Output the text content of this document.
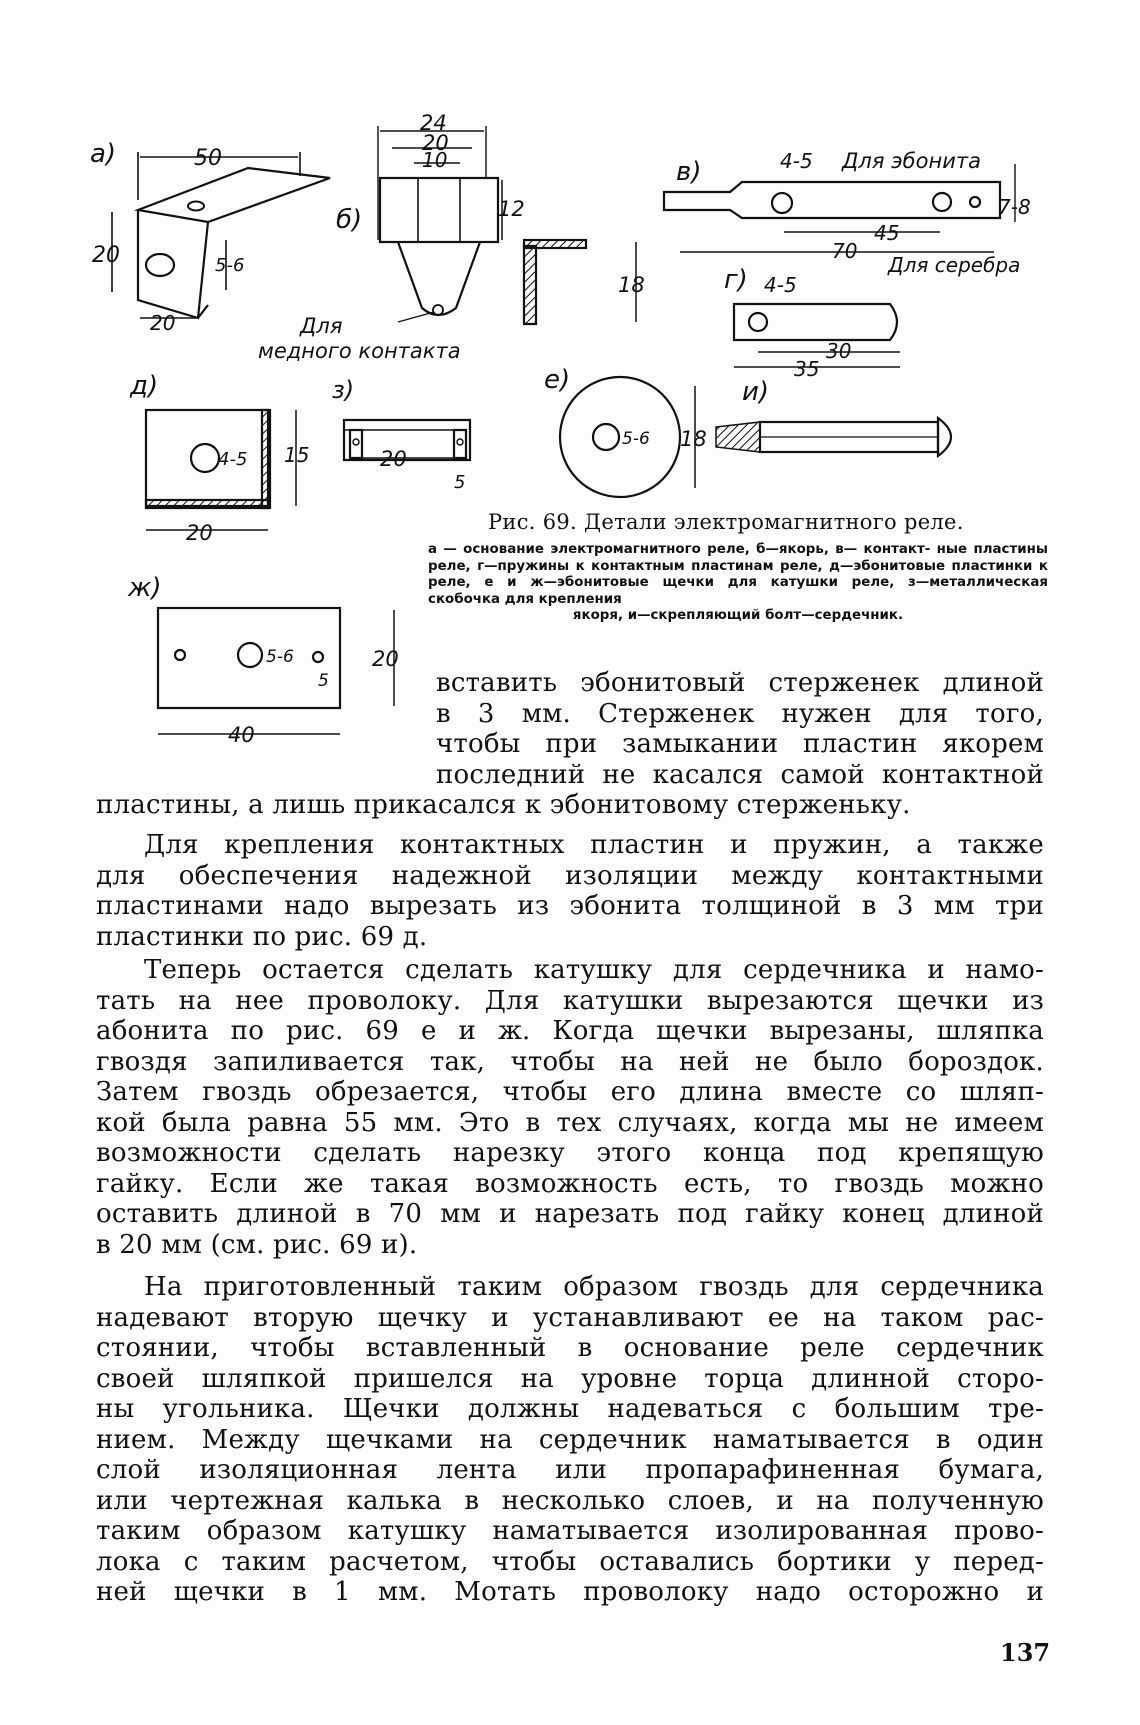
а)	50
20	5-6
20
б)
24
20
10
12
18
Для
медного контакта
в)	4-5 Для эбонита
7-8
45
70
Для серебра
г) 4-5
30
35
д)
4-5 15
20
з)
20
5
е)
5-6 18
и)
ж)
5-6
5
20
40
Рис. 69. Детали электромагнитного реле.
а — основание электромагнитного реле, б—якорь, в— контакт- ные пластины реле, г—пружины к контактным пластинам реле, д—эбонитовые пластинки к реле, е и ж—эбонитовые щечки для катушки реле, з—металлическая скобочка для крепления
якоря, и—скрепляющий болт—сердечник.
вставить эбонитовый стерженек длиной
в 3 мм. Стерженек нужен для того,
чтобы при замыкании пластин якорем
последний не касался самой контактной
пластины, а лишь прикасался к эбонитовому стерженьку.
Для крепления контактных пластин и пружин, а также
для обеспечения надежной изоляции между контактными
пластинами надо вырезать из эбонита толщиной в 3 мм три
пластинки по рис. 69 д.
Теперь остается сделать катушку для сердечника и намо-
тать на нее проволоку. Для катушки вырезаются щечки из
абонита по рис. 69 е и ж. Когда щечки вырезаны, шляпка
гвоздя запиливается так, чтобы на ней не было бороздок.
Затем гвоздь обрезается, чтобы его длина вместе со шляп-
кой была равна 55 мм. Это в тех случаях, когда мы не имеем
возможности сделать нарезку этого конца под крепящую
гайку. Если же такая возможность есть, то гвоздь можно
оставить длиной в 70 мм и нарезать под гайку конец длиной
в 20 мм (см. рис. 69 и).
На приготовленный таким образом гвоздь для сердечника
надевают вторую щечку и устанавливают ее на таком рас-
стоянии, чтобы вставленный в основание реле сердечник
своей шляпкой пришелся на уровне торца длинной сторо-
ны угольника. Щечки должны надеваться с большим тре-
нием. Между щечками на сердечник наматывается в один
слой изоляционная лента или пропарафиненная бумага,
или чертежная калька в несколько слоев, и на полученную
таким образом катушку наматывается изолированная прово-
лока с таким расчетом, чтобы оставались бортики у перед-
ней щечки в 1 мм. Мотать проволоку надо осторожно и
137
